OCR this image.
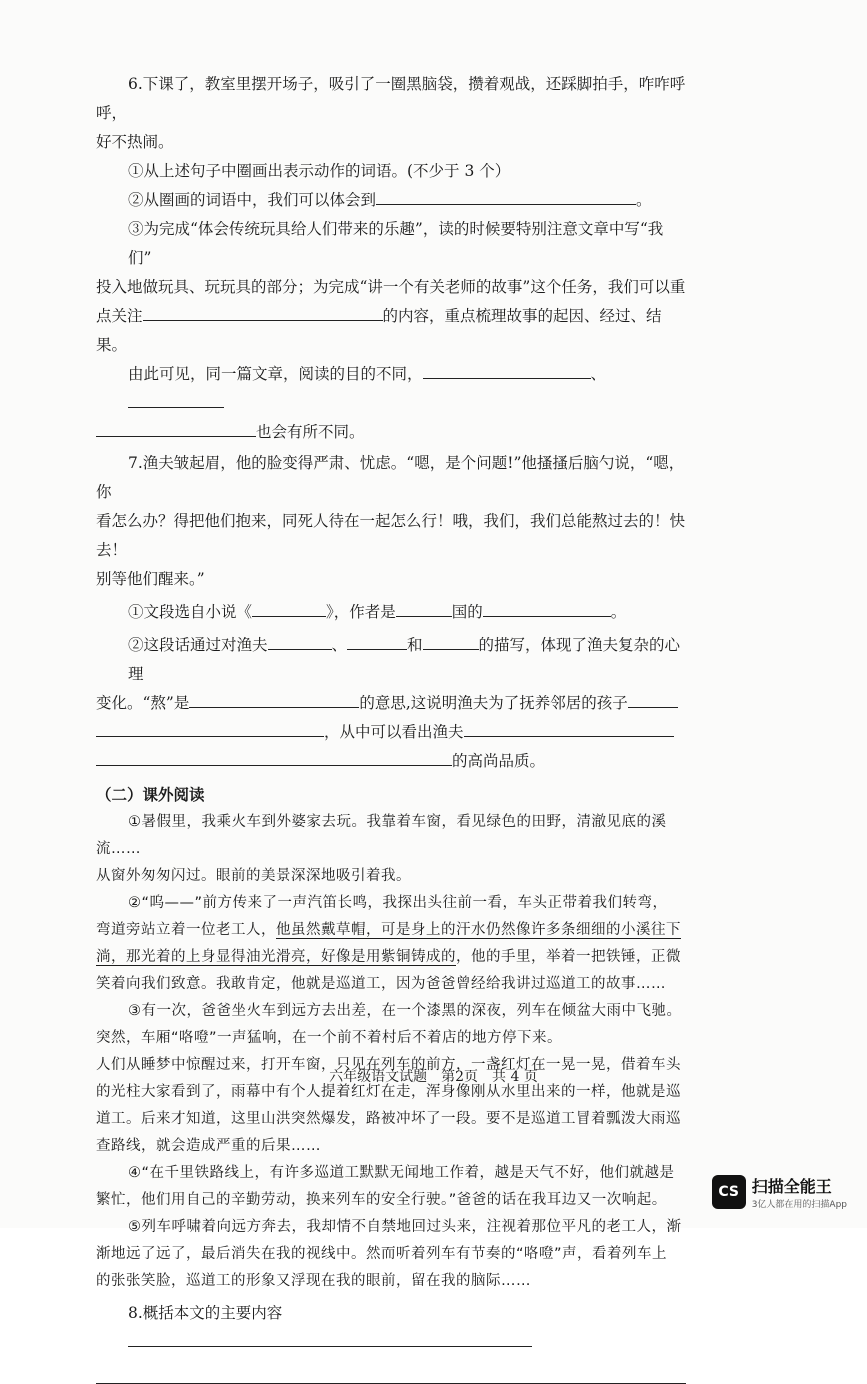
6.下课了，教室里摆开场子，吸引了一圈黑脑袋，攒着观战，还踩脚拍手，咋咋呼呼，

好不热闹。

①从上述句子中圈画出表示动作的词语。(不少于 3 个）

②从圈画的词语中，我们可以体会到	。

③为完成“体会传统玩具给人们带来的乐趣”，读的时候要特别注意文章中写“我们”

投入地做玩具、玩玩具的部分；为完成“讲一个有关老师的故事”这个任务，我们可以重

点关注	的内容，重点梳理故事的起因、经过、结果。

由此可见，同一篇文章，阅读的目的不同，	、

也会有所不同。

7.渔夫皱起眉，他的脸变得严肃、忧虑。“嗯，是个问题!”他搔搔后脑勺说，“嗯，你

看怎么办？得把他们抱来，同死人待在一起怎么行！哦，我们，我们总能熬过去的！快去！

别等他们醒来。”

①文段选自小说《	》，作者是	国的	。

②这段话通过对渔夫	、	和	的描写，体现了渔夫复杂的心理

变化。“熬”是	的意思,这说明渔夫为了抚养邻居的孩子

，从中可以看出渔夫

的高尚品质。

（二）课外阅读

①暑假里，我乘火车到外婆家去玩。我靠着车窗，看见绿色的田野，清澈见底的溪流……

从窗外匆匆闪过。眼前的美景深深地吸引着我。

②“呜——”前方传来了一声汽笛长鸣，我探出头往前一看，车头正带着我们转弯，

弯道旁站立着一位老工人，他虽然戴草帽，可是身上的汗水仍然像许多条细细的小溪往下

淌，那光着的上身显得油光滑亮，好像是用紫铜铸成的，他的手里，举着一把铁锤，正微

笑着向我们致意。我敢肯定，他就是巡道工，因为爸爸曾经给我讲过巡道工的故事……

③有一次，爸爸坐火车到远方去出差，在一个漆黑的深夜，列车在倾盆大雨中飞驰。

突然，车厢“咯噔”一声猛响，在一个前不着村后不着店的地方停下来。

人们从睡梦中惊醒过来，打开车窗，只见在列车的前方，一盏红灯在一晃一晃，借着车头

的光柱大家看到了，雨幕中有个人提着红灯在走，浑身像刚从水里出来的一样，他就是巡

道工。后来才知道，这里山洪突然爆发，路被冲坏了一段。要不是巡道工冒着瓢泼大雨巡

查路线，就会造成严重的后果……

④“在千里铁路线上，有许多巡道工默默无闻地工作着，越是天气不好，他们就越是

繁忙，他们用自己的辛勤劳动，换来列车的安全行驶。”爸爸的话在我耳边又一次响起。

⑤列车呼啸着向远方奔去，我却情不自禁地回过头来，注视着那位平凡的老工人，渐

渐地远了远了，最后消失在我的视线中。然而听着列车有节奏的“咯噔”声，看着列车上

的张张笑脸，巡道工的形象又浮现在我的眼前，留在我的脑际……

8.概括本文的主要内容

六年级语文试题　第2页　共 4 页
CS 扫描全能王
3亿人都在用的扫描App
